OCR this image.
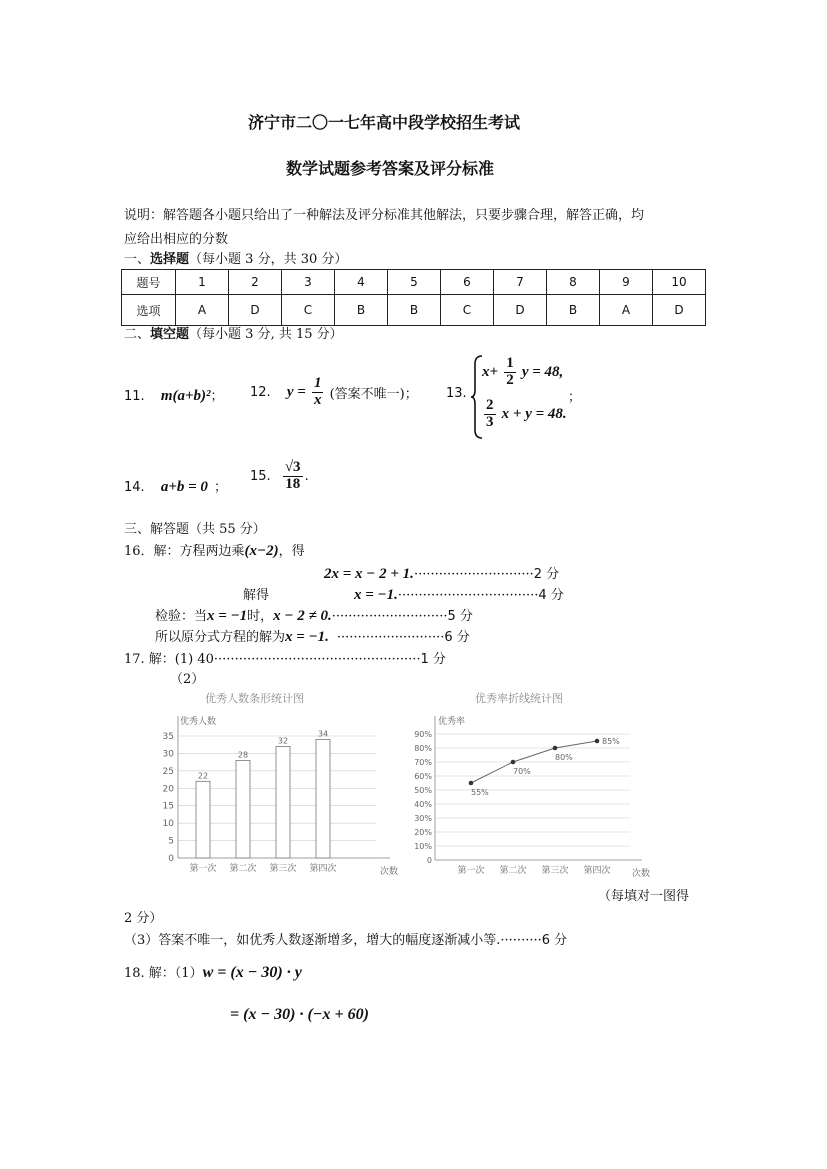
济宁市二〇一七年高中段学校招生考试
数学试题参考答案及评分标准
说明：解答题各小题只给出了一种解法及评分标准其他解法，只要步骤合理，解答正确，均
应给出相应的分数
一、选择题（每小题 3 分，共 30 分）
题号	1	2	3	4	5	6	7	8	9	10
选项	A	D	C	B	B	C	D	B	A	D
二、填空题（每小题 3 分, 共 15 分）
11. m(a+b)²； 12. $y = \frac{1}{x}$ (答案不唯一)； 13.
$x+ \frac{1}{2}$ y = 48,
$\frac{2}{3}$ x + y = 48.
；
14. a+b = 0 ；
15. $\frac{√3}{18}$ .
三、解答题（共 55 分）
16．解：方程两边乘(x−2)，得
2x = x − 2 + 1.·····························2 分
解得	x = −1.··································4 分
检验：当x = −1时，x − 2 ≠ 0.····························5 分
所以原分式方程的解为x = −1. ··························6 分
17. 解：(1) 40··················································1 分
（2）
优秀人数条形统计图
优秀人数
0
5
10
15
20
25
30
35
22
第一次
28
第二次
32
第三次
34
第四次	次数
优秀率折线统计图
优秀率
0
10%
20%
30%
40%
50%
60%
70%
80%
90%
55%
第一次
70%
第二次
80%
第三次
85%
第四次 次数
（每填对一图得
2 分）
（3）答案不唯一，如优秀人数逐渐增多，增大的幅度逐渐减小等.··········6 分
18. 解：（1）w = (x − 30) · y
= (x − 30) · (−x + 60)
